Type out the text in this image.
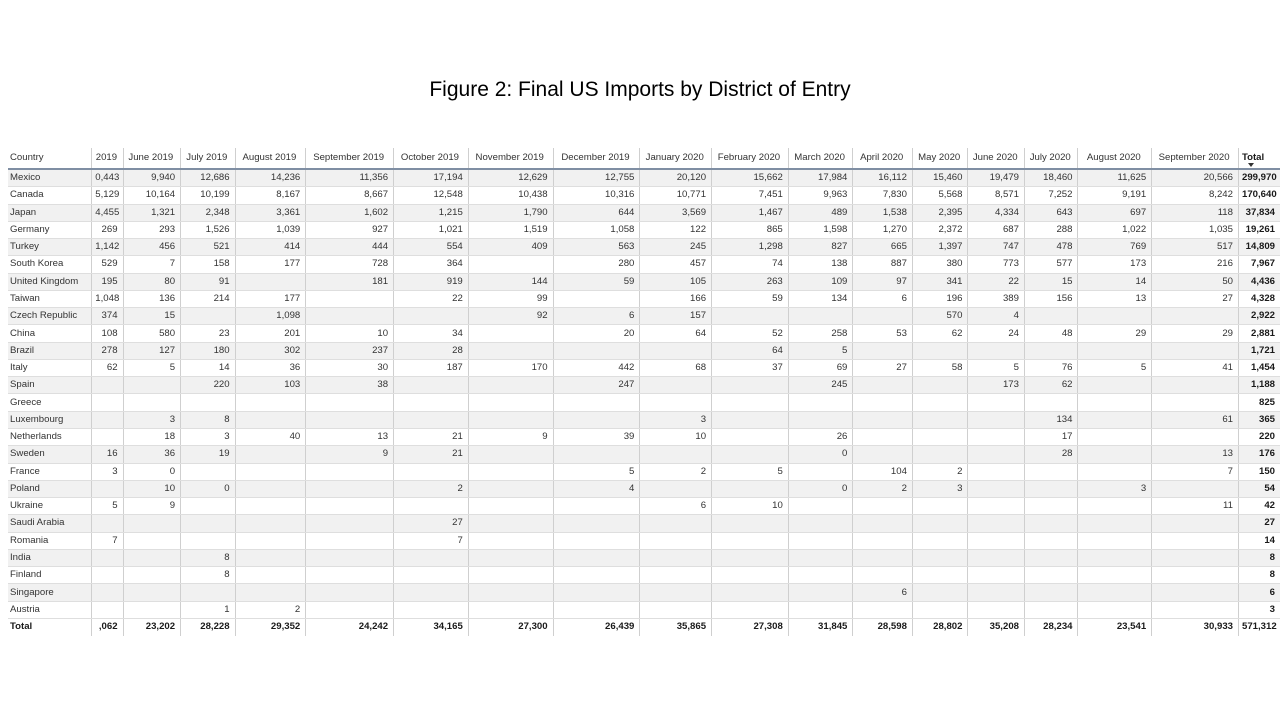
Figure 2: Final US Imports by District of Entry
Country	2019	June 2019	July 2019	August 2019	September 2019	October 2019	November 2019	December 2019	January 2020	February 2020	March 2020	April 2020	May 2020	June 2020	July 2020	August 2020	September 2020	Total

Mexico	0,443	9,940	12,686	14,236	11,356	17,194	12,629	12,755	20,120	15,662	17,984	16,112	15,460	19,479	18,460	11,625	20,566	299,970
Canada	5,129	10,164	10,199	8,167	8,667	12,548	10,438	10,316	10,771	7,451	9,963	7,830	5,568	8,571	7,252	9,191	8,242	170,640
Japan	4,455	1,321	2,348	3,361	1,602	1,215	1,790	644	3,569	1,467	489	1,538	2,395	4,334	643	697	118	37,834
Germany	269	293	1,526	1,039	927	1,021	1,519	1,058	122	865	1,598	1,270	2,372	687	288	1,022	1,035	19,261
Turkey	1,142	456	521	414	444	554	409	563	245	1,298	827	665	1,397	747	478	769	517	14,809
South Korea	529	7	158	177	728	364		280	457	74	138	887	380	773	577	173	216	7,967
United Kingdom	195	80	91		181	919	144	59	105	263	109	97	341	22	15	14	50	4,436
Taiwan	1,048	136	214	177		22	99		166	59	134	6	196	389	156	13	27	4,328
Czech Republic	374	15		1,098			92	6	157				570	4				2,922
China	108	580	23	201	10	34		20	64	52	258	53	62	24	48	29	29	2,881
Brazil	278	127	180	302	237	28				64	5							1,721
Italy	62	5	14	36	30	187	170	442	68	37	69	27	58	5	76	5	41	1,454
Spain			220	103	38			247			245			173	62			1,188
Greece																		825
Luxembourg		3	8						3						134		61	365
Netherlands		18	3	40	13	21	9	39	10		26				17			220
Sweden	16	36	19		9	21					0				28		13	176
France	3	0						5	2	5		104	2				7	150
Poland		10	0			2		4			0	2	3			3		54
Ukraine	5	9							6	10							11	42
Saudi Arabia						27												27
Romania	7					7												14
India			8															8
Finland			8															8
Singapore												6						6
Austria			1	2														3
Total	,062	23,202	28,228	29,352	24,242	34,165	27,300	26,439	35,865	27,308	31,845	28,598	28,802	35,208	28,234	23,541	30,933	571,312
